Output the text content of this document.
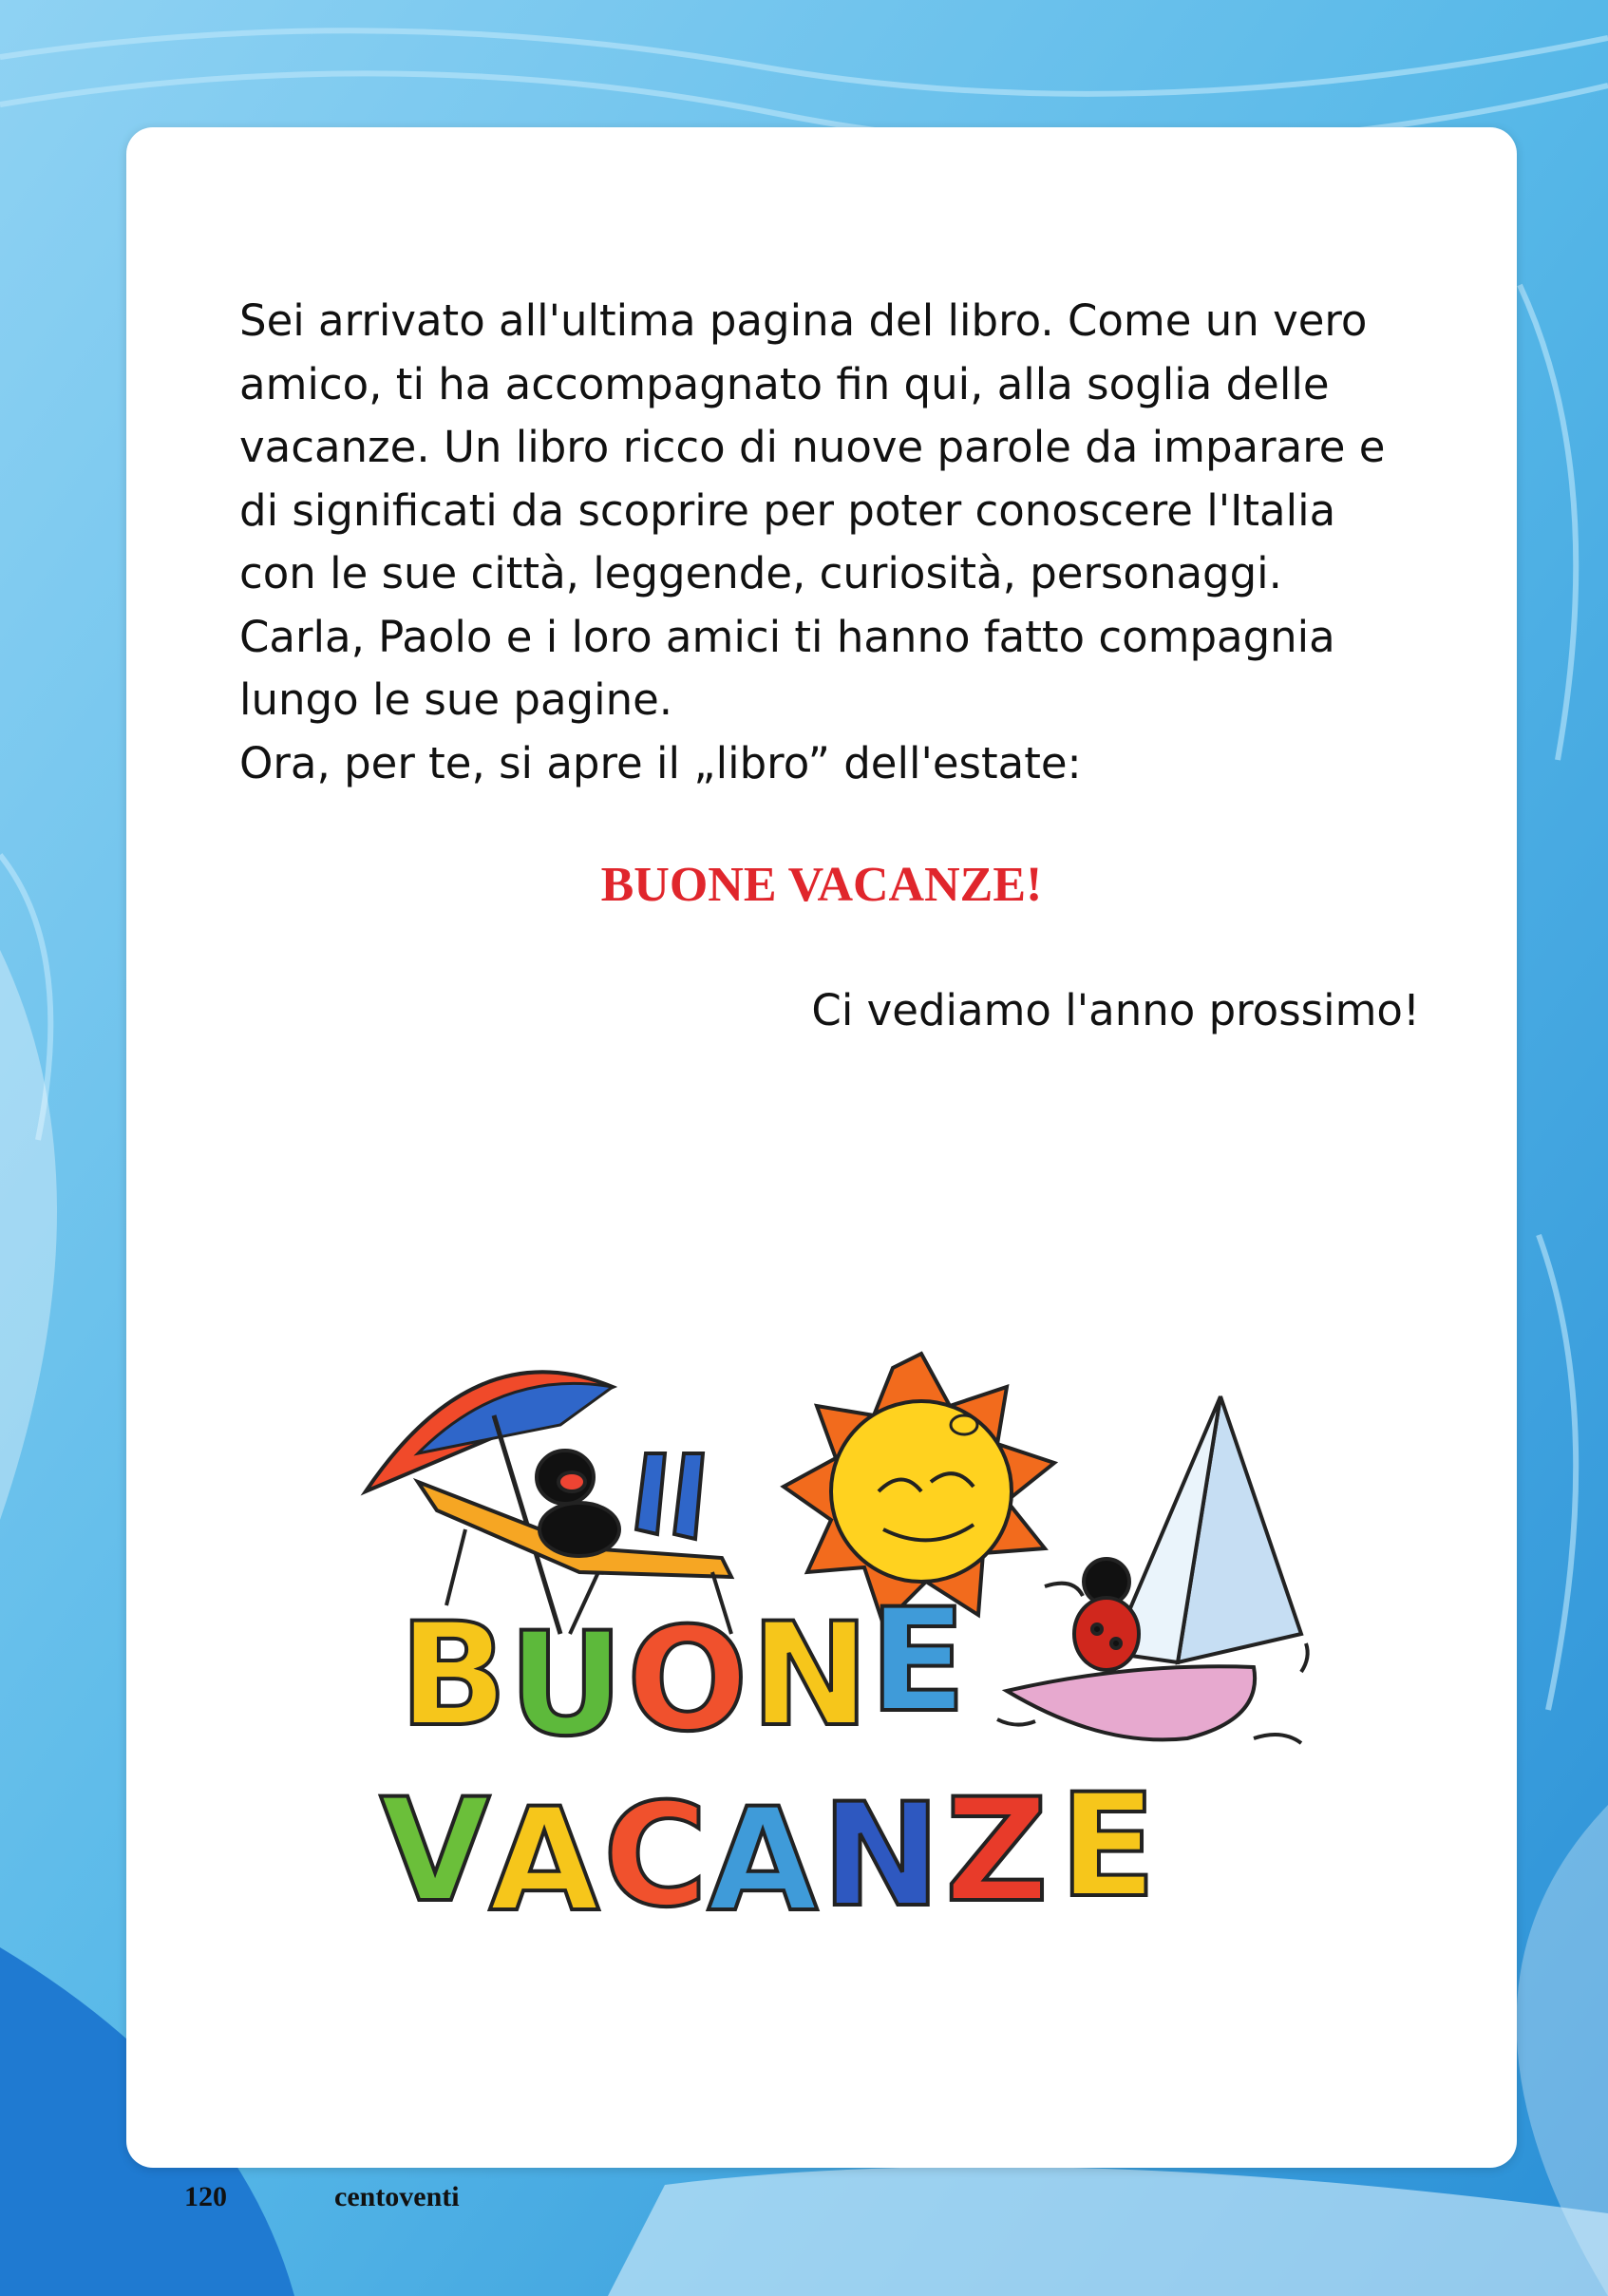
Sei arrivato all'ultima pagina del libro. Come un vero
amico, ti ha accompagnato fin qui, alla soglia delle
vacanze. Un libro ricco di nuove parole da imparare e
di significati da scoprire per poter conoscere l'Italia
con le sue città, leggende, curiosità, personaggi.
Carla, Paolo e i loro amici ti hanno fatto compagnia
lungo le sue pagine.
Ora, per te, si apre il „libro” dell'estate:

BUONE VACANZE!

Ci vediamo l'anno prossimo!

B U O N E
V
A C A N Z E
120	centoventi
